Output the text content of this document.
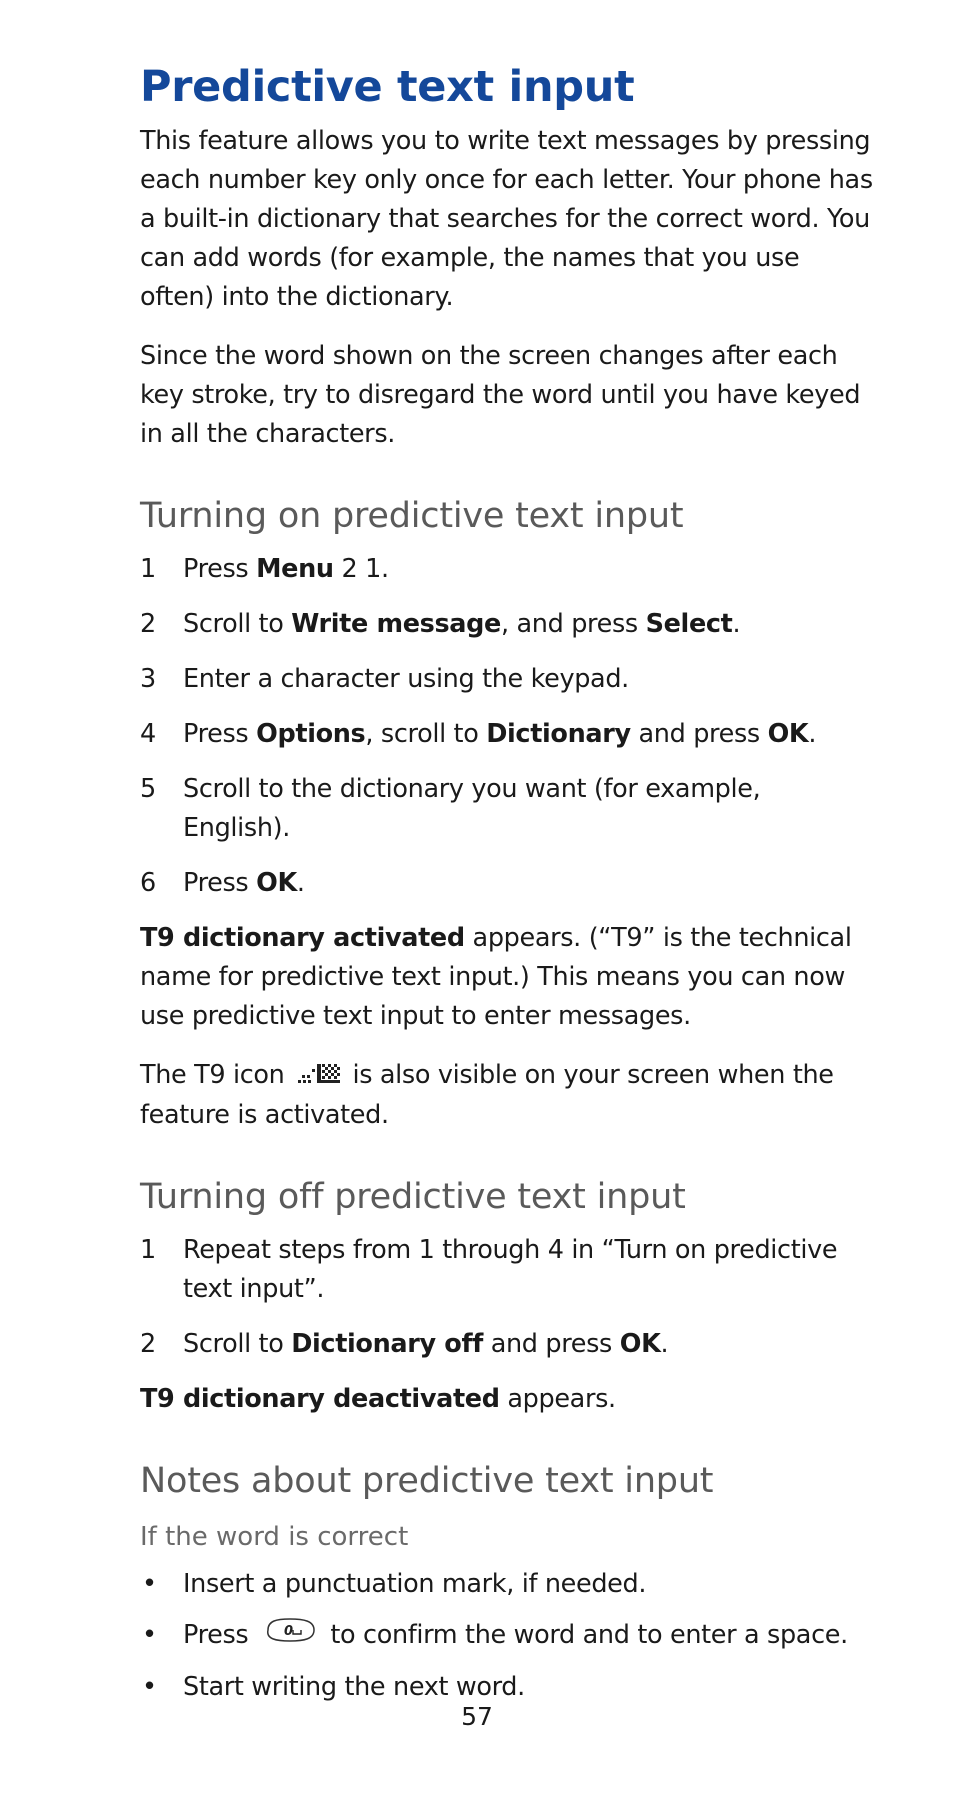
Predictive text input

This feature allows you to write text messages by pressing each number key only once for each letter. Your phone has a built-in dictionary that searches for the correct word. You can add words (for example, the names that you use often) into the dictionary.

Since the word shown on the screen changes after each key stroke, try to disregard the word until you have keyed in all the characters.

Turning on predictive text input
1	Press Menu 2 1.
2	Scroll to Write message, and press Select.
3	Enter a character using the keypad.
4	Press Options, scroll to Dictionary and press OK.
5	Scroll to the dictionary you want (for example, English).
6	Press OK.

T9 dictionary activated appears. (“T9” is the technical name for predictive text input.) This means you can now use predictive text input to enter messages.

The T9 icon	is also visible on your screen when the feature is activated.

Turning off predictive text input
1	Repeat steps from 1 through 4 in “Turn on predictive text input”.
2	Scroll to Dictionary off and press OK.

T9 dictionary deactivated appears.

Notes about predictive text input
If the word is correct
• Insert a punctuation mark, if needed.
• Press	0 to confirm the word and to enter a space.
• Start writing the next word.
57
